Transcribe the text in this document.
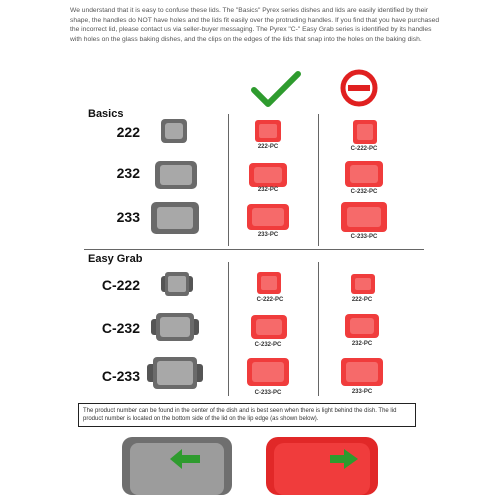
We understand that it is easy to confuse these lids. The "Basics" Pyrex series dishes and lids are easily identified by their shape, the handles do NOT have holes and the lids fit easily over the protruding handles. If you find that you have purchased the incorrect lid, please contact us via seller-buyer messaging. The Pyrex "C-" Easy Grab series is identified by its handles with holes on the glass baking dishes, and the clips on the edges of the lids that snap into the holes on the baking dish.

Basics
Easy Grab
222
232
233
222-PC
232-PC
233-PC
C-222-PC
C-232-PC
C-233-PC
C-222
C-232
C-233
C-222-PC
C-232-PC
C-233-PC
222-PC
232-PC
233-PC

The product number can be found in the center of the dish and is best seen when there is light behind the dish. The lid product number is located on the bottom side of the lid on the lip edge (as shown below).
